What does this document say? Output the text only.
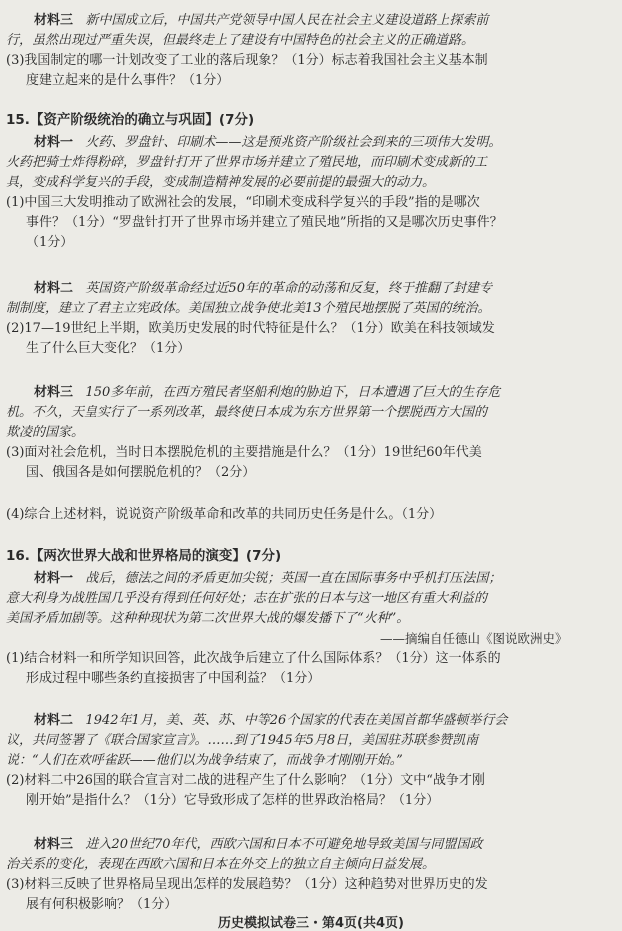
材料三 新中国成立后，中国共产党领导中国人民在社会主义建设道路上探索前

行，虽然出现过严重失误，但最终走上了建设有中国特色的社会主义的正确道路。

(3)我国制定的哪一计划改变了工业的落后现象？（1分）标志着我国社会主义基本制

度建立起来的是什么事件？（1分）

15.【资产阶级统治的确立与巩固】(7分)

材料一 火药、罗盘针、印刷术——这是预兆资产阶级社会到来的三项伟大发明。

火药把骑士炸得粉碎，罗盘针打开了世界市场并建立了殖民地，而印刷术变成新的工

具，变成科学复兴的手段，变成制造精神发展的必要前提的最强大的动力。

(1)中国三大发明推动了欧洲社会的发展，“印刷术变成科学复兴的手段”指的是哪次

事件？（1分）“罗盘针打开了世界市场并建立了殖民地”所指的又是哪次历史事件？

（1分）

材料二 英国资产阶级革命经过近50年的革命的动荡和反复，终于推翻了封建专

制制度，建立了君主立宪政体。美国独立战争使北美13个殖民地摆脱了英国的统治。

(2)17—19世纪上半期，欧美历史发展的时代特征是什么？（1分）欧美在科技领域发

生了什么巨大变化？（1分）

材料三 150多年前，在西方殖民者坚船利炮的胁迫下，日本遭遇了巨大的生存危

机。不久，天皇实行了一系列改革，最终使日本成为东方世界第一个摆脱西方大国的

欺凌的国家。

(3)面对社会危机，当时日本摆脱危机的主要措施是什么？（1分）19世纪60年代美

国、俄国各是如何摆脱危机的？（2分）

(4)综合上述材料，说说资产阶级革命和改革的共同历史任务是什么。（1分）

16.【两次世界大战和世界格局的演变】(7分)

材料一 战后，德法之间的矛盾更加尖锐；英国一直在国际事务中乎机打压法国；

意大利身为战胜国几乎没有得到任何好处；志在扩张的日本与这一地区有重大利益的

美国矛盾加剧等。这种种现状为第二次世界大战的爆发播下了“火种”。

——摘编自任德山《图说欧洲史》

(1)结合材料一和所学知识回答，此次战争后建立了什么国际体系？（1分）这一体系的

形成过程中哪些条约直接损害了中国利益？（1分）

材料二 1942年1月，美、英、苏、中等26个国家的代表在美国首都华盛顿举行会

议，共同签署了《联合国家宣言》。……到了1945年5月8日，美国驻苏联参赞凯南

说：“人们在欢呼雀跃——他们以为战争结束了，而战争才刚刚开始。”

(2)材料二中26国的联合宣言对二战的进程产生了什么影响？（1分）文中“战争才刚

刚开始”是指什么？（1分）它导致形成了怎样的世界政治格局？（1分）

材料三 进入20世纪70年代，西欧六国和日本不可避免地导致美国与同盟国政

治关系的变化，表现在西欧六国和日本在外交上的独立自主倾向日益发展。

(3)材料三反映了世界格局呈现出怎样的发展趋势？（1分）这种趋势对世界历史的发

展有何积极影响？（1分）

历史模拟试卷三・第4页(共4页)
